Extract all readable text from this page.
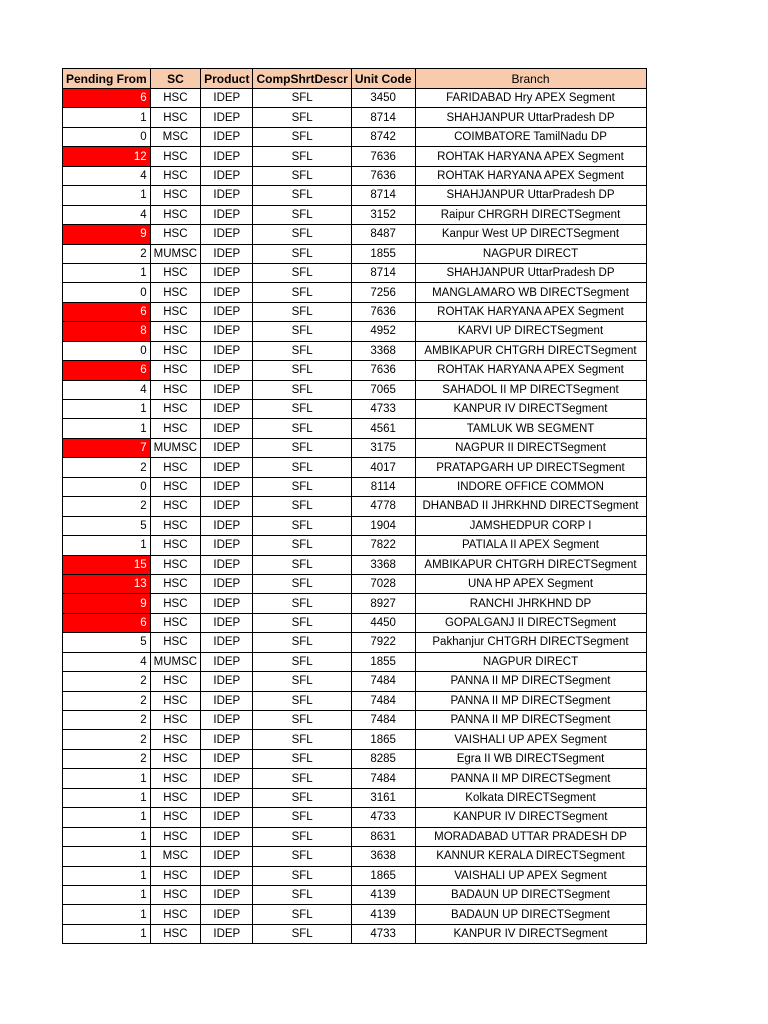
Pending From	SC	Product	CompShrtDescr	Unit Code	Branch
6	HSC	IDEP	SFL	3450	FARIDABAD Hry APEX Segment
1	HSC	IDEP	SFL	8714	SHAHJANPUR UttarPradesh DP
0	MSC	IDEP	SFL	8742	COIMBATORE TamilNadu DP
12	HSC	IDEP	SFL	7636	ROHTAK HARYANA APEX Segment
4	HSC	IDEP	SFL	7636	ROHTAK HARYANA APEX Segment
1	HSC	IDEP	SFL	8714	SHAHJANPUR UttarPradesh DP
4	HSC	IDEP	SFL	3152	Raipur CHRGRH DIRECTSegment
9	HSC	IDEP	SFL	8487	Kanpur West UP DIRECTSegment
2	MUMSC	IDEP	SFL	1855	NAGPUR DIRECT
1	HSC	IDEP	SFL	8714	SHAHJANPUR UttarPradesh DP
0	HSC	IDEP	SFL	7256	MANGLAMARO WB DIRECTSegment
6	HSC	IDEP	SFL	7636	ROHTAK HARYANA APEX Segment
8	HSC	IDEP	SFL	4952	KARVI UP DIRECTSegment
0	HSC	IDEP	SFL	3368	AMBIKAPUR CHTGRH DIRECTSegment
6	HSC	IDEP	SFL	7636	ROHTAK HARYANA APEX Segment
4	HSC	IDEP	SFL	7065	SAHADOL II MP DIRECTSegment
1	HSC	IDEP	SFL	4733	KANPUR IV DIRECTSegment
1	HSC	IDEP	SFL	4561	TAMLUK WB SEGMENT
7	MUMSC	IDEP	SFL	3175	NAGPUR II DIRECTSegment
2	HSC	IDEP	SFL	4017	PRATAPGARH UP DIRECTSegment
0	HSC	IDEP	SFL	8114	INDORE OFFICE COMMON
2	HSC	IDEP	SFL	4778	DHANBAD II JHRKHND DIRECTSegment
5	HSC	IDEP	SFL	1904	JAMSHEDPUR CORP I
1	HSC	IDEP	SFL	7822	PATIALA II APEX Segment
15	HSC	IDEP	SFL	3368	AMBIKAPUR CHTGRH DIRECTSegment
13	HSC	IDEP	SFL	7028	UNA HP APEX Segment
9	HSC	IDEP	SFL	8927	RANCHI JHRKHND DP
6	HSC	IDEP	SFL	4450	GOPALGANJ II DIRECTSegment
5	HSC	IDEP	SFL	7922	Pakhanjur CHTGRH DIRECTSegment
4	MUMSC	IDEP	SFL	1855	NAGPUR DIRECT
2	HSC	IDEP	SFL	7484	PANNA II MP DIRECTSegment
2	HSC	IDEP	SFL	7484	PANNA II MP DIRECTSegment
2	HSC	IDEP	SFL	7484	PANNA II MP DIRECTSegment
2	HSC	IDEP	SFL	1865	VAISHALI UP APEX Segment
2	HSC	IDEP	SFL	8285	Egra II WB DIRECTSegment
1	HSC	IDEP	SFL	7484	PANNA II MP DIRECTSegment
1	HSC	IDEP	SFL	3161	Kolkata DIRECTSegment
1	HSC	IDEP	SFL	4733	KANPUR IV DIRECTSegment
1	HSC	IDEP	SFL	8631	MORADABAD UTTAR PRADESH DP
1	MSC	IDEP	SFL	3638	KANNUR KERALA DIRECTSegment
1	HSC	IDEP	SFL	1865	VAISHALI UP APEX Segment
1	HSC	IDEP	SFL	4139	BADAUN UP DIRECTSegment
1	HSC	IDEP	SFL	4139	BADAUN UP DIRECTSegment
1	HSC	IDEP	SFL	4733	KANPUR IV DIRECTSegment
